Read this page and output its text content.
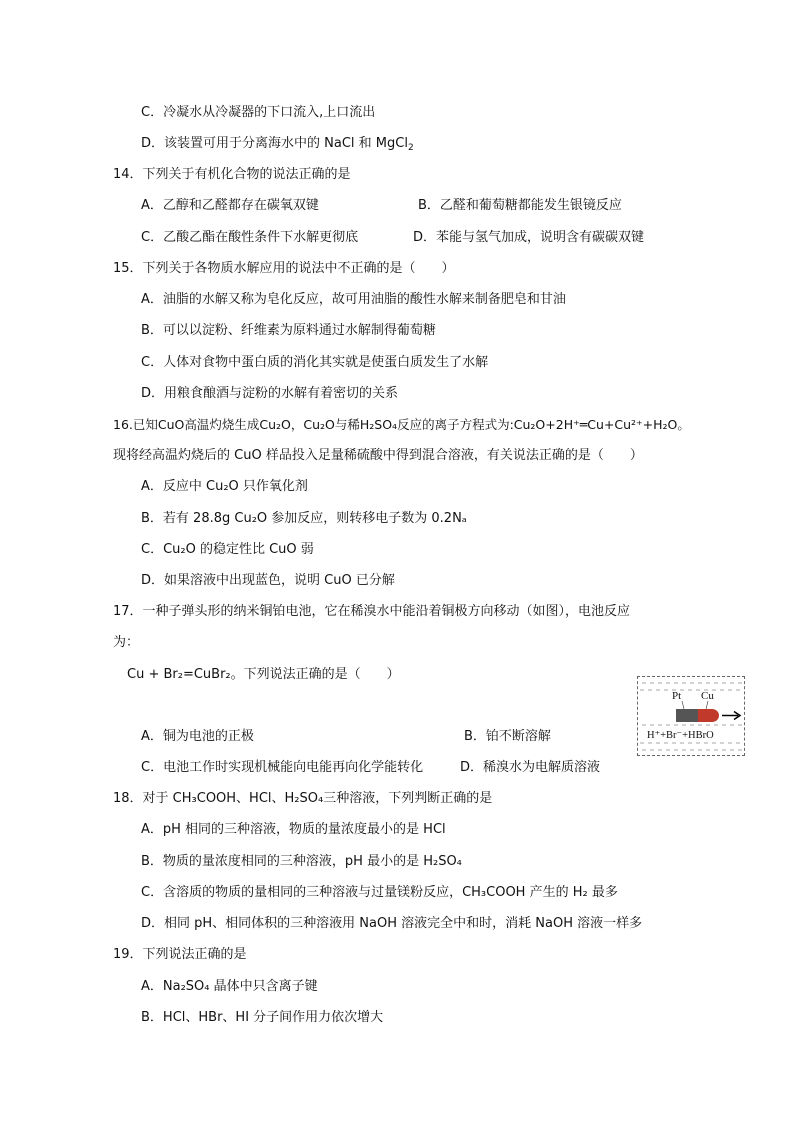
C．冷凝水从冷凝器的下口流入,上口流出
D．该装置可用于分离海水中的 NaCl 和 MgCl$_2$
14．下列关于有机化合物的说法正确的是
A．乙醇和乙醛都存在碳氧双键	B．乙醛和葡萄糖都能发生银镜反应
C．乙酸乙酯在酸性条件下水解更彻底	D．苯能与氢气加成，说明含有碳碳双键
15．下列关于各物质水解应用的说法中不正确的是（　　）
A．油脂的水解又称为皂化反应，故可用油脂的酸性水解来制备肥皂和甘油
B．可以以淀粉、纤维素为原料通过水解制得葡萄糖
C．人体对食物中蛋白质的消化其实就是使蛋白质发生了水解
D．用粮食酿酒与淀粉的水解有着密切的关系
16.已知CuO高温灼烧生成Cu₂O，Cu₂O与稀H₂SO₄反应的离子方程式为:Cu₂O+2H⁺═Cu+Cu²⁺+H₂O。
现将经高温灼烧后的 CuO 样品投入足量稀硫酸中得到混合溶液，有关说法正确的是（　　）
A．反应中 Cu₂O 只作氧化剂
B．若有 28.8g Cu₂O 参加反应，则转移电子数为 0.2Nₐ
C．Cu₂O 的稳定性比 CuO 弱
D．如果溶液中出现蓝色，说明 CuO 已分解
17．一种子弹头形的纳米铜铂电池，它在稀溴水中能沿着铜极方向移动（如图），电池反应
为：
Cu + Br₂=CuBr₂。下列说法正确的是（　　）
A．铜为电池的正极	B．铂不断溶解
C．电池工作时实现机械能向电能再向化学能转化	D．稀溴水为电解质溶液
Pt Cu
H⁺+Br⁻+HBrO
18．对于 CH₃COOH、HCl、H₂SO₄三种溶液，下列判断正确的是
A．pH 相同的三种溶液，物质的量浓度最小的是 HCl
B．物质的量浓度相同的三种溶液，pH 最小的是 H₂SO₄
C．含溶质的物质的量相同的三种溶液与过量镁粉反应，CH₃COOH 产生的 H₂ 最多
D．相同 pH、相同体积的三种溶液用 NaOH 溶液完全中和时，消耗 NaOH 溶液一样多
19．下列说法正确的是
A．Na₂SO₄ 晶体中只含离子键
B．HCl、HBr、HI 分子间作用力依次增大
